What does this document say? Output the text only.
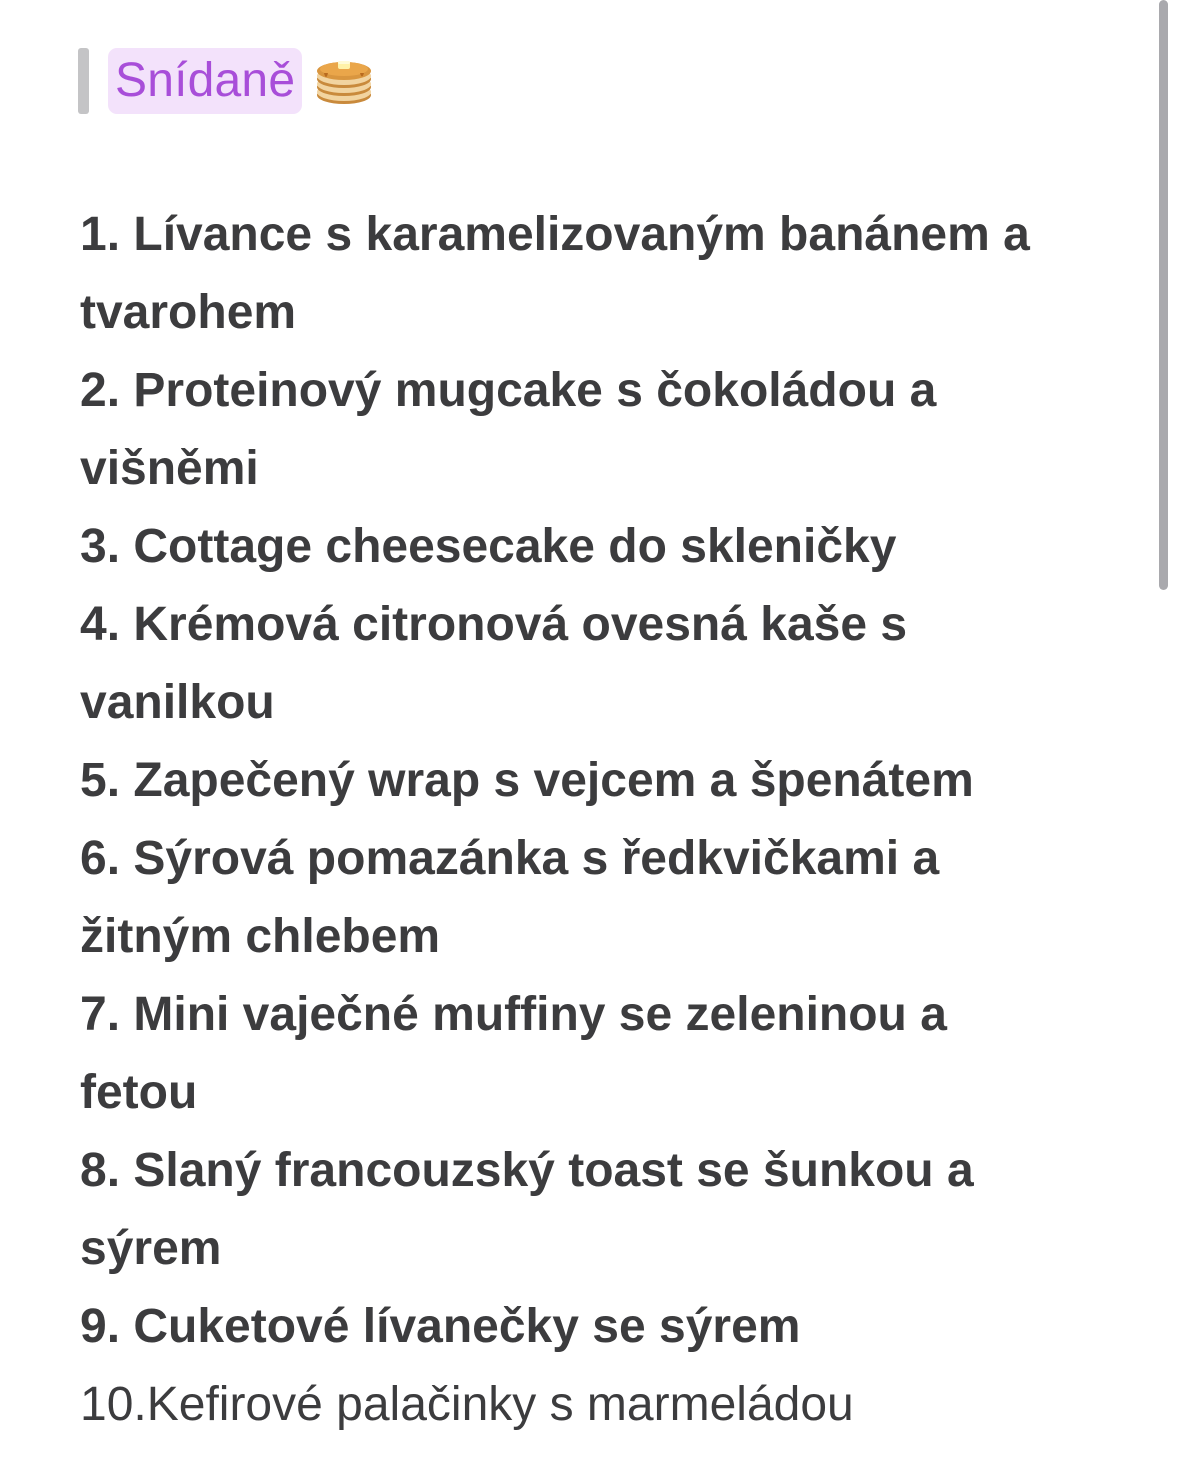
Snídaně
1. Lívance s karamelizovaným banánem a
tvarohem
2. Proteinový mugcake s čokoládou a
višněmi
3. Cottage cheesecake do skleničky
4. Krémová citronová ovesná kaše s
vanilkou
5. Zapečený wrap s vejcem a špenátem
6. Sýrová pomazánka s ředkvičkami a
žitným chlebem
7. Mini vaječné muffiny se zeleninou a
fetou
8. Slaný francouzský toast se šunkou a
sýrem
9. Cuketové lívanečky se sýrem
10.Kefirové palačinky s marmeládou
